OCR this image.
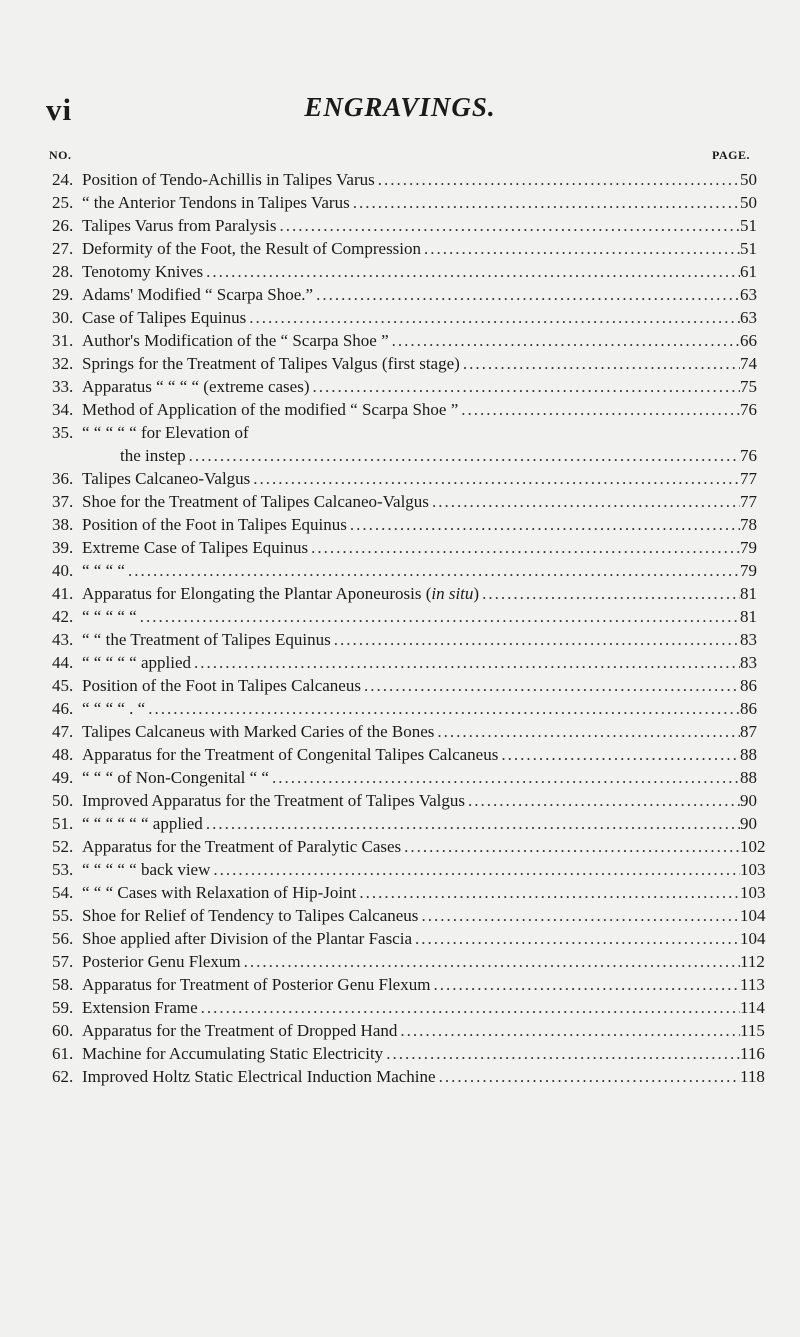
vi	ENGRAVINGS.
NO.	PAGE.
24. Position of Tendo-Achillis in Talipes Varus .....	50
25. “ the Anterior Tendons in Talipes Varus .....	50
26. Talipes Varus from Paralysis .....	51
27. Deformity of the Foot, the Result of Compression .....	51
28. Tenotomy Knives .....	61
29. Adams' Modified “ Scarpa Shoe.” .....	63
30. Case of Talipes Equinus .....	63
31. Author's Modification of the “ Scarpa Shoe ” .....	66
32. Springs for the Treatment of Talipes Valgus (first stage) .....	74
33. Apparatus “ “ “ “ (extreme cases) .....	75
34. Method of Application of the modified “ Scarpa Shoe ” .....	76
35. “ “ “ “ “ for Elevation of
the instep .....	76
36. Talipes Calcaneo-Valgus .....	77
37. Shoe for the Treatment of Talipes Calcaneo-Valgus .....	77
38. Position of the Foot in Talipes Equinus .....	78
39. Extreme Case of Talipes Equinus .....	79
40. “ “ “ “ .....	79
41. Apparatus for Elongating the Plantar Aponeurosis (in situ) .....	81
42. “ “ “ “ “ .....	81
43. “ “ the Treatment of Talipes Equinus .....	83
44. “ “ “ “ “ applied .....	83
45. Position of the Foot in Talipes Calcaneus .....	86
46. “ “ “ “ . “ .....	86
47. Talipes Calcaneus with Marked Caries of the Bones .....	87
48. Apparatus for the Treatment of Congenital Talipes Calcaneus .....	88
49. “ “ “ of Non-Congenital “ “ .....	88
50. Improved Apparatus for the Treatment of Talipes Valgus .....	90
51. “ “ “ “ “ “ applied .....	90
52. Apparatus for the Treatment of Paralytic Cases .....	102
53. “ “ “ “ “ back view .....	103
54. “ “ “ Cases with Relaxation of Hip-Joint .....	103
55. Shoe for Relief of Tendency to Talipes Calcaneus .....	104
56. Shoe applied after Division of the Plantar Fascia .....	104
57. Posterior Genu Flexum .....	112
58. Apparatus for Treatment of Posterior Genu Flexum .....	113
59. Extension Frame .....	114
60. Apparatus for the Treatment of Dropped Hand .....	115
61. Machine for Accumulating Static Electricity .....	116
62. Improved Holtz Static Electrical Induction Machine .....	118
